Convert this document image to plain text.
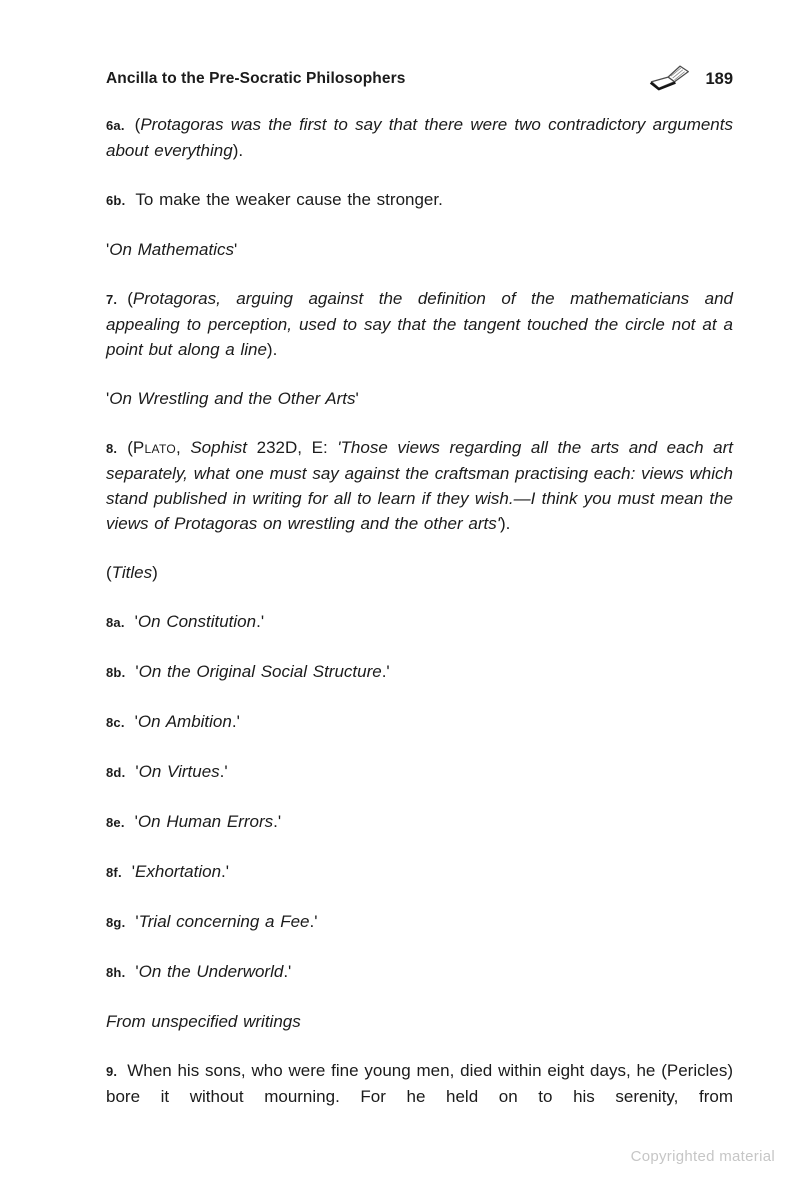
Ancilla to the Pre-Socratic Philosophers	189

6a. (Protagoras was the first to say that there were two contradictory arguments about everything).

6b. To make the weaker cause the stronger.

'On Mathematics'

7. (Protagoras, arguing against the definition of the mathematicians and appealing to perception, used to say that the tangent touched the circle not at a point but along a line).

'On Wrestling and the Other Arts'

8. (Plato, Sophist 232D, E: 'Those views regarding all the arts and each art separately, what one must say against the craftsman practising each: views which stand published in writing for all to learn if they wish.—I think you must mean the views of Protagoras on wrestling and the other arts').

(Titles)

8a. 'On Constitution.'

8b. 'On the Original Social Structure.'

8c. 'On Ambition.'

8d. 'On Virtues.'

8e. 'On Human Errors.'

8f. 'Exhortation.'

8g. 'Trial concerning a Fee.'

8h. 'On the Underworld.'

From unspecified writings

9. When his sons, who were fine young men, died within eight days, he (Pericles) bore it without mourning. For he held on to his serenity, from

Copyrighted material
